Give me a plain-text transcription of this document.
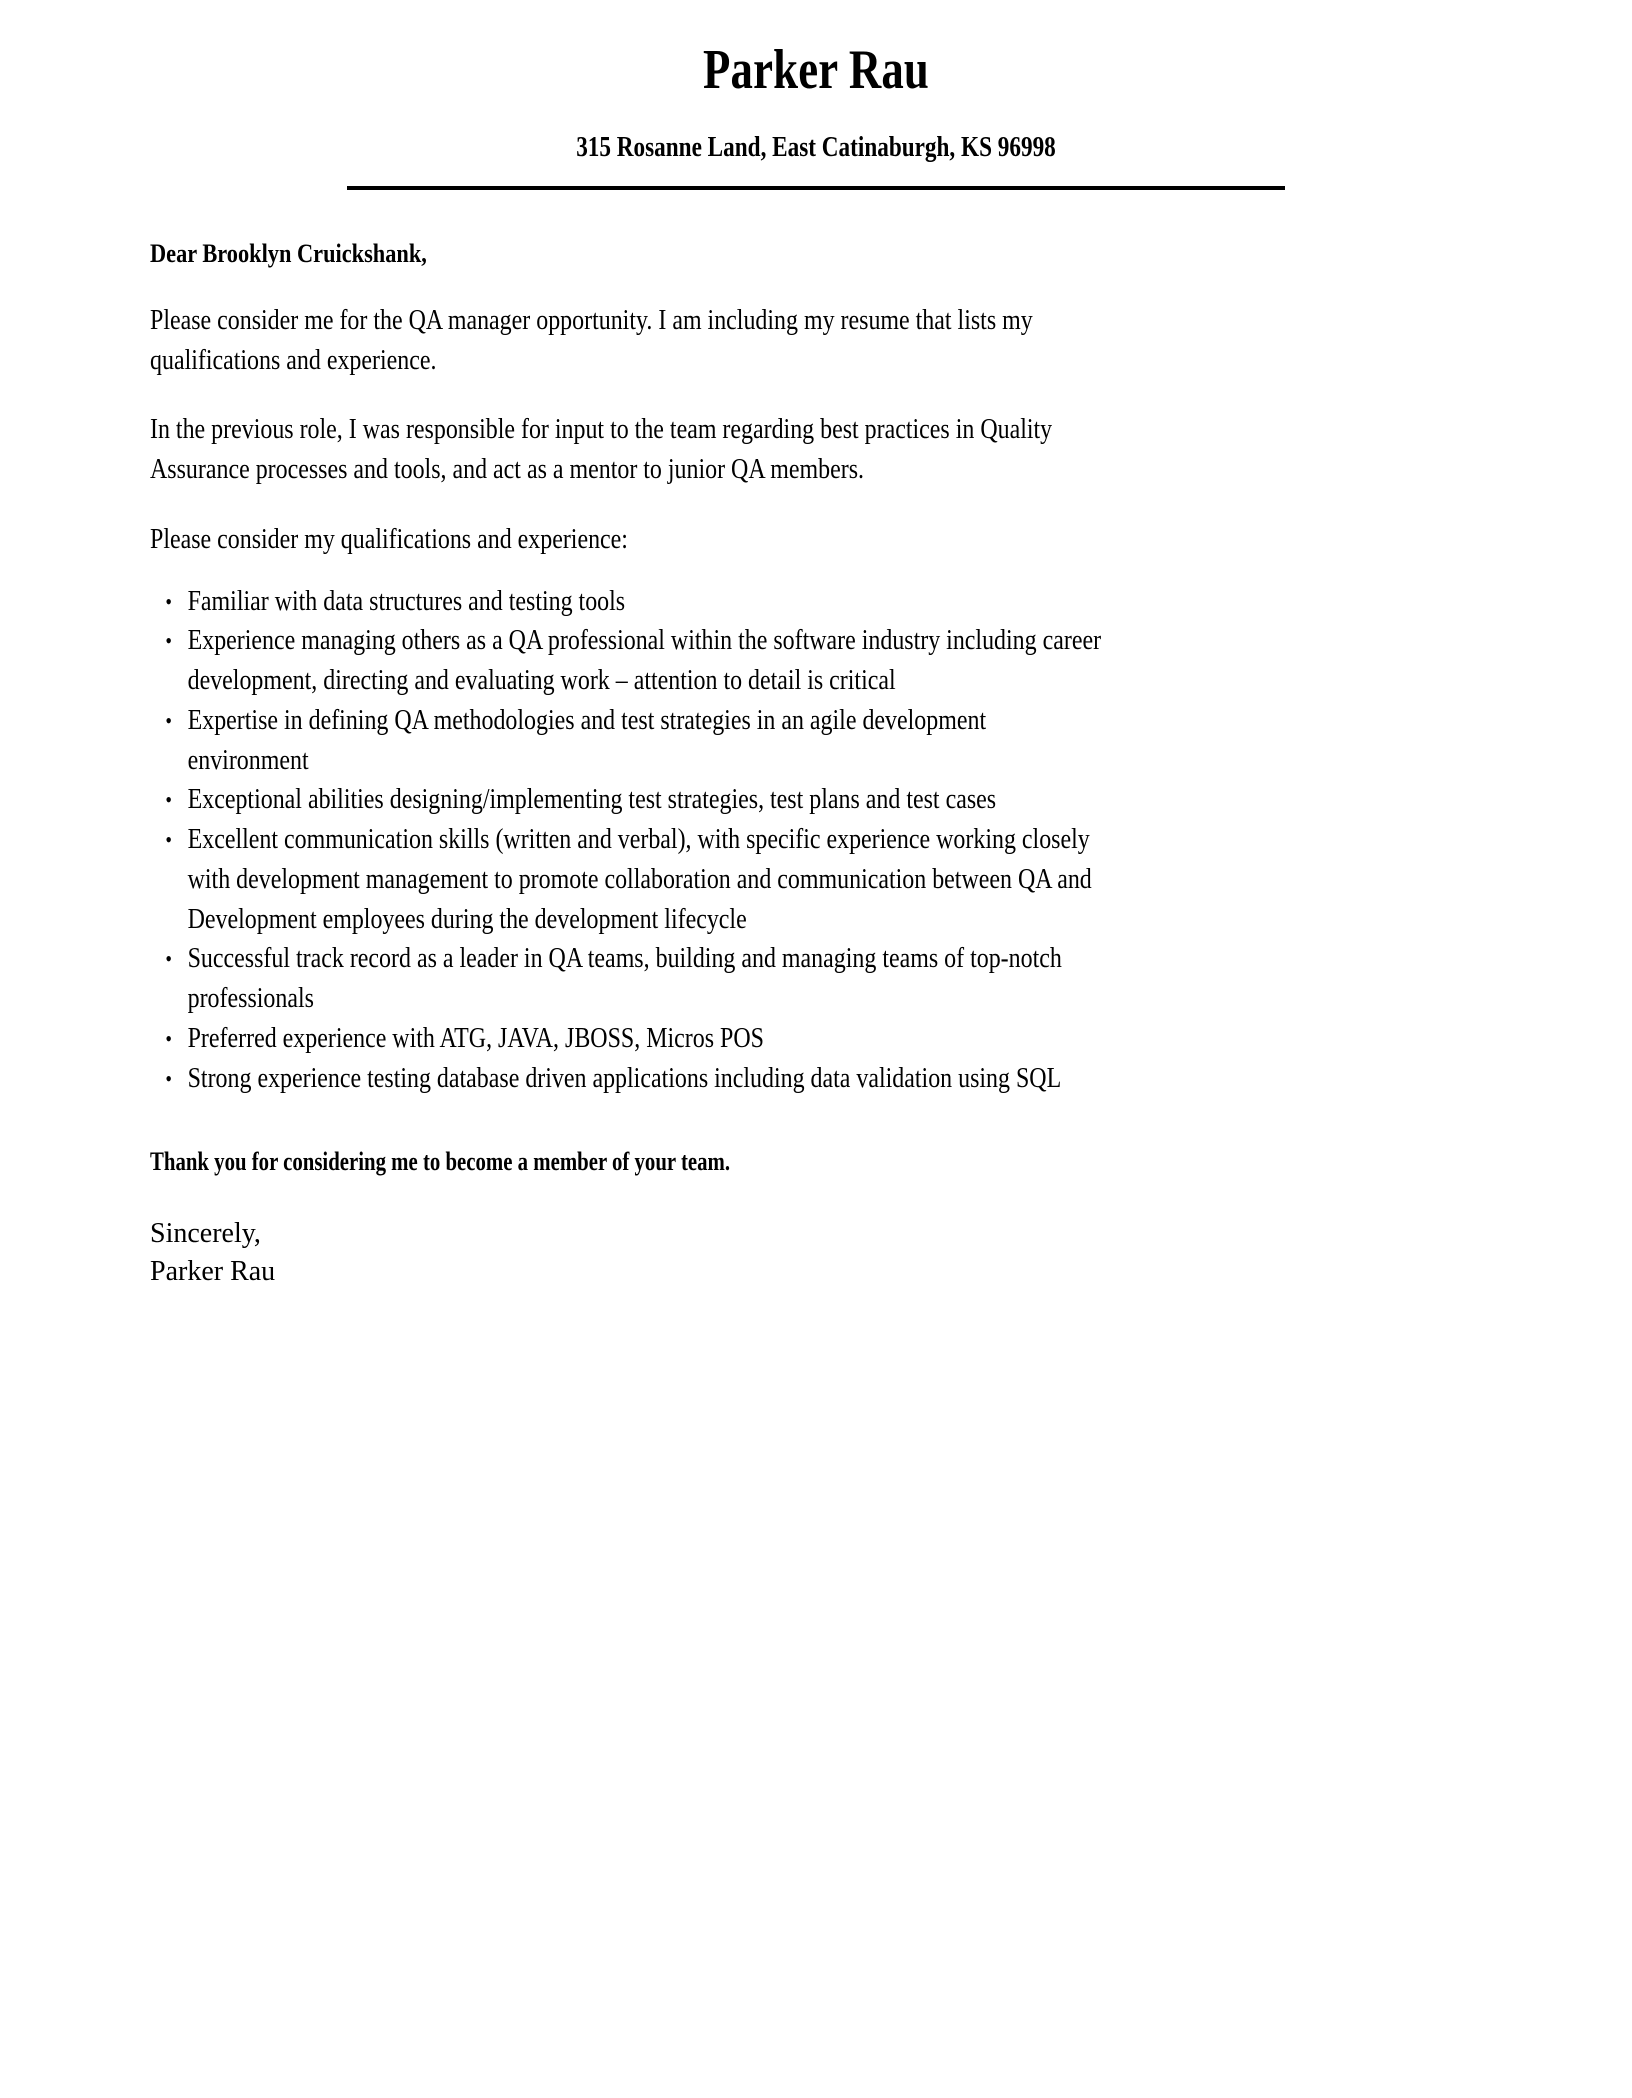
Parker Rau
315 Rosanne Land, East Catinaburgh, KS 96998
Dear Brooklyn Cruickshank,

Please consider me for the QA manager opportunity. I am including my resume that lists my qualifications and experience.

In the previous role, I was responsible for input to the team regarding best practices in Quality Assurance processes and tools, and act as a mentor to junior QA members.

Please consider my qualifications and experience:

• Familiar with data structures and testing tools
• Experience managing others as a QA professional within the software industry including career development, directing and evaluating work – attention to detail is critical
• Expertise in defining QA methodologies and test strategies in an agile development environment
• Exceptional abilities designing/implementing test strategies, test plans and test cases
• Excellent communication skills (written and verbal), with specific experience working closely with development management to promote collaboration and communication between QA and Development employees during the development lifecycle
• Successful track record as a leader in QA teams, building and managing teams of top-notch professionals
• Preferred experience with ATG, JAVA, JBOSS, Micros POS
• Strong experience testing database driven applications including data validation using SQL
Thank you for considering me to become a member of your team.
Sincerely,
Parker Rau
